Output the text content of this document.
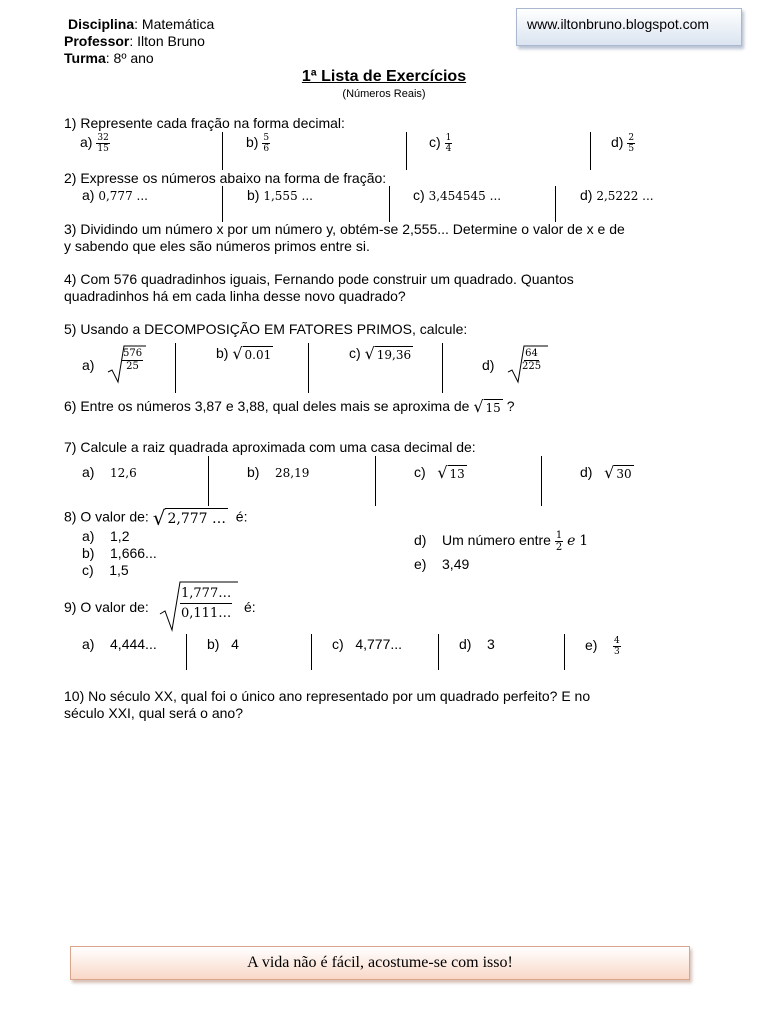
www.iltonbruno.blogspot.com
Disciplina: Matemática
Professor: Ilton Bruno
Turma: 8º ano
1ª Lista de Exercícios
(Números Reais)
1) Represente cada fração na forma decimal:
$a) \frac{32}{15}$	$b) \frac{5}{6}$	$c) \frac{1}{4}$	$d) \frac{2}{5}$
2) Expresse os números abaixo na forma de fração:
a) 0,777 ...	b) 1,555 ...	c) 3,454545 ...	d) 2,5222 ...
3) Dividindo um número x por um número y, obtém-se 2,555... Determine o valor de x e de
y sabendo que eles são números primos entre si.
4) Com 576 quadradinhos iguais, Fernando pode construir um quadrado. Quantos
quadradinhos há em cada linha desse novo quadrado?
5) Usando a DECOMPOSIÇÃO EM FATORES PRIMOS, calcule:
a)	$\frac{576}{25}$	b) √ 0.01	c) √ 19,36
d)	$\frac{64}{225}$
6) Entre os números 3,87 e 3,88, qual deles mais se aproxima de √ 15 ?
7) Calcule a raiz quadrada aproximada com uma casa decimal de:
a) 12,6	b) 28,19	c) √ 13	d) √ 30
8) O valor de: √ 2,777 … é:
a) 1,2
b) 1,666...
c) 1,5
d) Um número entre $\frac{1}{2}$ e 1
e) 3,49
9) O valor de: $\frac{1,777\dots}{0,111\dots}$ é:
a) 4,444...	b) 4	c) 4,777...	d) 3	$e) \frac{4}{3}$
10) No século XX, qual foi o único ano representado por um quadrado perfeito? E no
século XXI, qual será o ano?
A vida não é fácil, acostume-se com isso!
